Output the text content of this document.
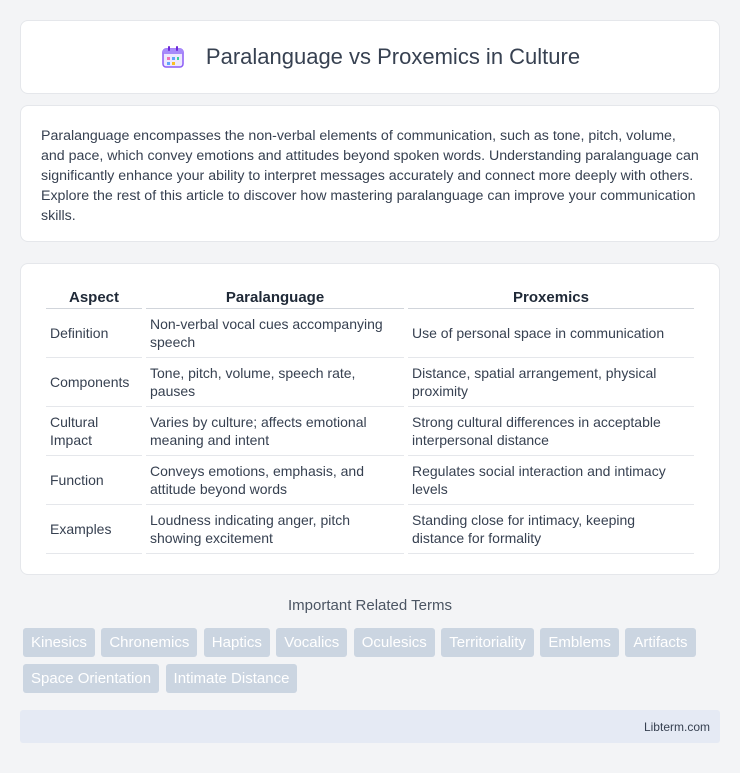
Paralanguage vs Proxemics in Culture

Paralanguage encompasses the non-verbal elements of communication, such as tone, pitch, volume, and pace, which convey emotions and attitudes beyond spoken words. Understanding paralanguage can significantly enhance your ability to interpret messages accurately and connect more deeply with others. Explore the rest of this article to discover how mastering paralanguage can improve your communication skills.

Aspect	Paralanguage	Proxemics
Definition	Non-verbal vocal cues accompanying speech	Use of personal space in communication
Components	Tone, pitch, volume, speech rate, pauses	Distance, spatial arrangement, physical proximity
Cultural Impact	Varies by culture; affects emotional meaning and intent	Strong cultural differences in acceptable interpersonal distance
Function	Conveys emotions, emphasis, and attitude beyond words	Regulates social interaction and intimacy levels
Examples	Loudness indicating anger, pitch showing excitement	Standing close for intimacy, keeping distance for formality
Important Related Terms
Kinesics Chronemics Haptics Vocalics Oculesics Territoriality Emblems Artifacts Space Orientation Intimate Distance
Libterm.com
